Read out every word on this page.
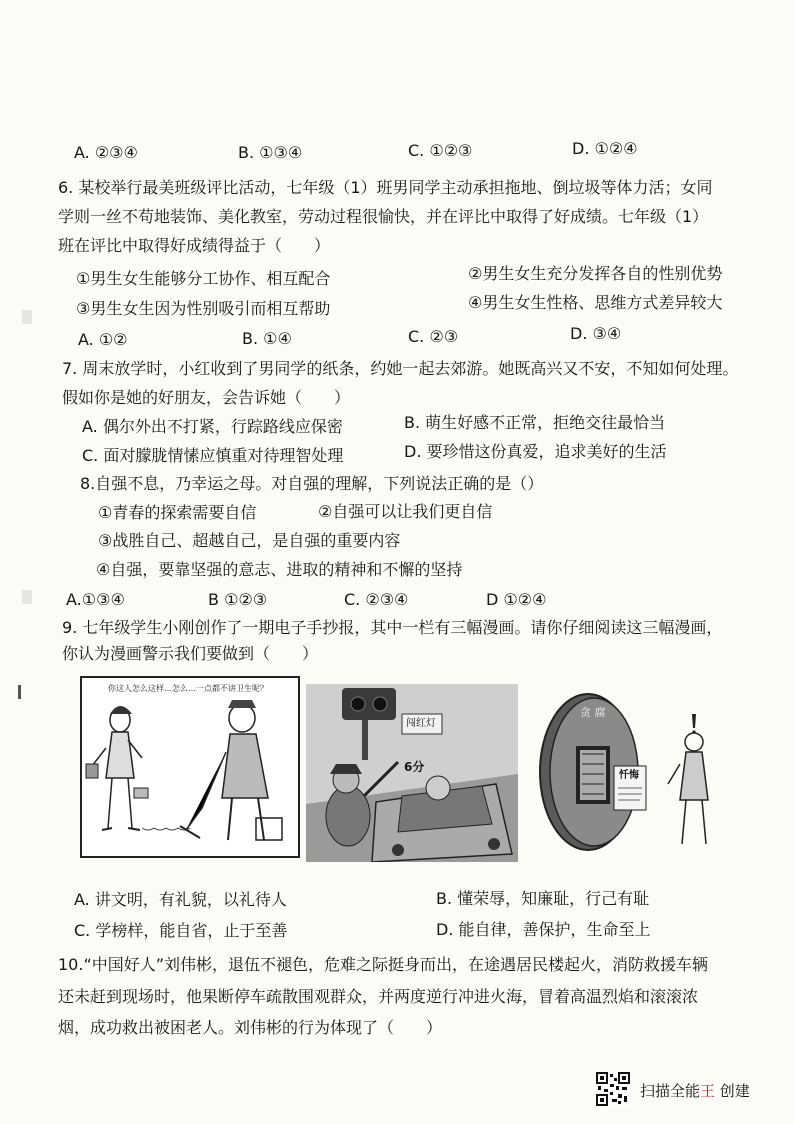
A. ②③④	B. ①③④	C. ①②③	D. ①②④
6. 某校举行最美班级评比活动，七年级（1）班男同学主动承担拖地、倒垃圾等体力活；女同
学则一丝不苟地装饰、美化教室，劳动过程很愉快，并在评比中取得了好成绩。七年级（1）
班在评比中取得好成绩得益于（　　）
①男生女生能够分工协作、相互配合	②男生女生充分发挥各自的性别优势
③男生女生因为性别吸引而相互帮助	④男生女生性格、思维方式差异较大
A. ①②	B. ①④	C. ②③	D. ③④
7. 周末放学时，小红收到了男同学的纸条，约她一起去郊游。她既高兴又不安，不知如何处理。
假如你是她的好朋友，会告诉她（　　）
A. 偶尔外出不打紧，行踪路线应保密	B. 萌生好感不正常，拒绝交往最恰当
C. 面对朦胧情愫应慎重对待理智处理	D. 要珍惜这份真爱，追求美好的生活
8.自强不息，乃幸运之母。对自强的理解，下列说法正确的是（）
①青春的探索需要自信	②自强可以让我们更自信
③战胜自己、超越自己，是自强的重要内容
④自强，要靠坚强的意志、进取的精神和不懈的坚持
A.①③④	B ①②③	C. ②③④	D ①②④
9. 七年级学生小刚创作了一期电子手抄报，其中一栏有三幅漫画。请你仔细阅读这三幅漫画，
你认为漫画警示我们要做到（　　）
你这人怎么这样…怎么…一点都不讲卫生呢？
闯红灯
6分
贪 腐
忏悔
A. 讲文明，有礼貌，以礼待人	B. 懂荣辱，知廉耻，行己有耻
C. 学榜样，能自省，止于至善	D. 能自律，善保护，生命至上
10.“中国好人”刘伟彬，退伍不褪色，危难之际挺身而出，在途遇居民楼起火，消防救援车辆
还未赶到现场时，他果断停车疏散围观群众，并两度逆行冲进火海，冒着高温烈焰和滚滚浓
烟，成功救出被困老人。刘伟彬的行为体现了（　　）
扫描全能王 创建
